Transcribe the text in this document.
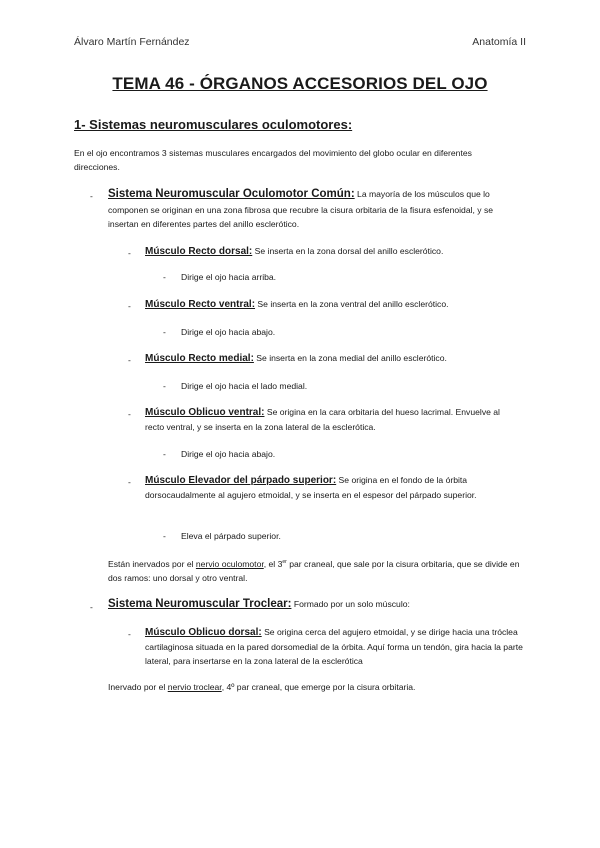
Álvaro Martín Fernández	Anatomía II
TEMA 46 - ÓRGANOS ACCESORIOS DEL OJO
1- Sistemas neuromusculares oculomotores:
En el ojo encontramos 3 sistemas musculares encargados del movimiento del globo ocular en diferentes direcciones.
- Sistema Neuromuscular Oculomotor Común: La mayoría de los músculos que lo
componen se originan en una zona fibrosa que recubre la cisura orbitaria de la fisura esfenoidal, y se insertan en diferentes partes del anillo esclerótico.
- Músculo Recto dorsal: Se inserta en la zona dorsal del anillo esclerótico.
- Dirige el ojo hacia arriba.
- Músculo Recto ventral: Se inserta en la zona ventral del anillo esclerótico.
- Dirige el ojo hacia abajo.
- Músculo Recto medial: Se inserta en la zona medial del anillo esclerótico.
- Dirige el ojo hacia el lado medial.
- Músculo Oblicuo ventral: Se origina en la cara orbitaria del hueso lacrimal. Envuelve al recto ventral, y se inserta en la zona lateral de la esclerótica.
- Dirige el ojo hacia abajo.
- Músculo Elevador del párpado superior: Se origina en el fondo de la órbita dorsocaudalmente al agujero etmoidal, y se inserta en el espesor del párpado superior.
- Eleva el párpado superior.
Están inervados por el nervio oculomotor, el 3er par craneal, que sale por la cisura orbitaria, que se divide en dos ramos: uno dorsal y otro ventral.
- Sistema Neuromuscular Troclear: Formado por un solo músculo:
- Músculo Oblicuo dorsal: Se origina cerca del agujero etmoidal, y se dirige hacia una tróclea cartilaginosa situada en la pared dorsomedial de la órbita. Aquí forma un tendón, gira hacia la parte lateral, para insertarse en la zona lateral de la esclerótica
Inervado por el nervio troclear, 4º par craneal, que emerge por la cisura orbitaria.
